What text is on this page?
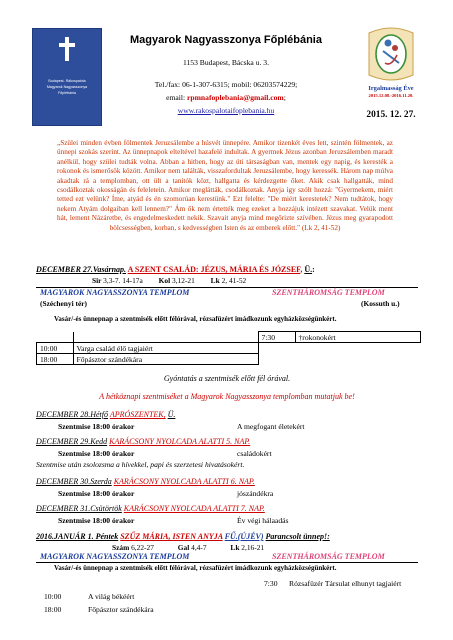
Budapest- Rákospalota
Magyarok Nagyasszonya
Főplébánia
Magyarok Nagyasszonya Főplébánia
1153 Budapest, Bácska u. 3.
Tel./fax: 06-1-307-6315; mobil: 06203574229;
email: rpmnafoplebania@gmail.com;
www.rakospalotaifoplebania.hu
Irgalmasság Éve
2015.12.08.-2016.11.20.
2015. 12. 27.
„Szülei minden évben fölmentek Jeruzsálembe a húsvét ünnepére. Amikor tizenkét éves lett, szintén fölmentek, az ünnepi szokás szerint. Az ünnepnapok elteltével hazafelé indultak. A gyermek Jézus azonban Jeruzsálemben maradt anélkül, hogy szülei tudták volna. Abban a hitben, hogy az úti társaságban van, mentek egy napig, és keresték a rokonok és ismerősök között. Amikor nem találták, visszafordultak Jeruzsálembe, hogy keressék. Három nap múlva akadtak rá a templomban, ott ült a tanítók közt, hallgatta és kérdezgette őket. Akik csak hallgatták, mind csodálkoztak okosságán és feleletein. Amikor meglátták, csodálkoztak. Anyja így szólt hozzá: "Gyermekem, miért tetted ezt velünk? Íme, atyád és én szomorúan kerestünk." Ezt felelte: "De miért kerestetek? Nem tudtátok, hogy nekem Atyám dolgaiban kell lennem?" Ám ők nem értették meg ezeket a hozzájuk intézett szavakat. Velük ment hát, lement Názáretbe, és engedelmeskedett nekik. Szavait anyja mind megőrizte szívében. Jézus meg gyarapodott bölcsességben, korban, s kedvességben Isten és az emberek előtt." (Lk 2, 41-52)
DECEMBER 27.Vasárnap. A SZENT CSALÁD: JÉZUS, MÁRIA ÉS JÓZSEF, Ü.:
Sir 3,3-7. 14-17a Kol 3,12-21 Lk 2, 41-52
MAGYAROK NAGYASSZONYA TEMPLOM	SZENTHÁROMSÁG TEMPLOM
(Széchenyi tér)	(Kossuth u.)
Vasár/-és ünnepnap a szentmisék előtt félórával, rózsafüzért imádkozunk egyházközségünkért.
		7:30	†rokonokért
10:00	Varga család élő tagjaiért		
18:00	Főpásztor szándékára		
Gyóntatás a szentmisék előtt fél órával.
A hétköznapi szentmiséket a Magyarok Nagyasszonya templomban mutatjuk be!
DECEMBER 28.Hétfő APRÓSZENTEK, Ü.
Szentmise 18:00 órakor	A megfogant életekért
DECEMBER 29.Kedd KARÁCSONY NYOLCADA ALATTI 5. NAP.
Szentmise 18:00 órakor	családokért
Szentmise után zsolozsma a hívekkel, papi és szerzetesi hivatásokért.
DECEMBER 30.Szerda KARÁCSONY NYOLCADA ALATTI 6. NAP.
Szentmise 18:00 órakor	jószándékra
DECEMBER 31.Csütörtök KARÁCSONY NYOLCADA ALATTI 7. NAP.
Szentmise 18:00 órakor	Év végi hálaadás
2016.JANUÁR 1. Péntek SZŰZ MÁRIA, ISTEN ANYJA FŰ.(ÚJÉV) Parancsolt ünnep!:
Szám 6,22-27	Gal 4,4-7	Lk 2,16-21
MAGYAROK NAGYASSZONYA TEMPLOM	SZENTHÁROMSÁG TEMPLOM
Vasár/-és ünnepnap a szentmisék előtt félórával, rózsafüzért imádkozunk egyházközségünkért.
7:30 Rózsafüzér Társulat elhunyt tagjaiért
10:00	A világ békéért
18:00	Főpásztor szándékára
